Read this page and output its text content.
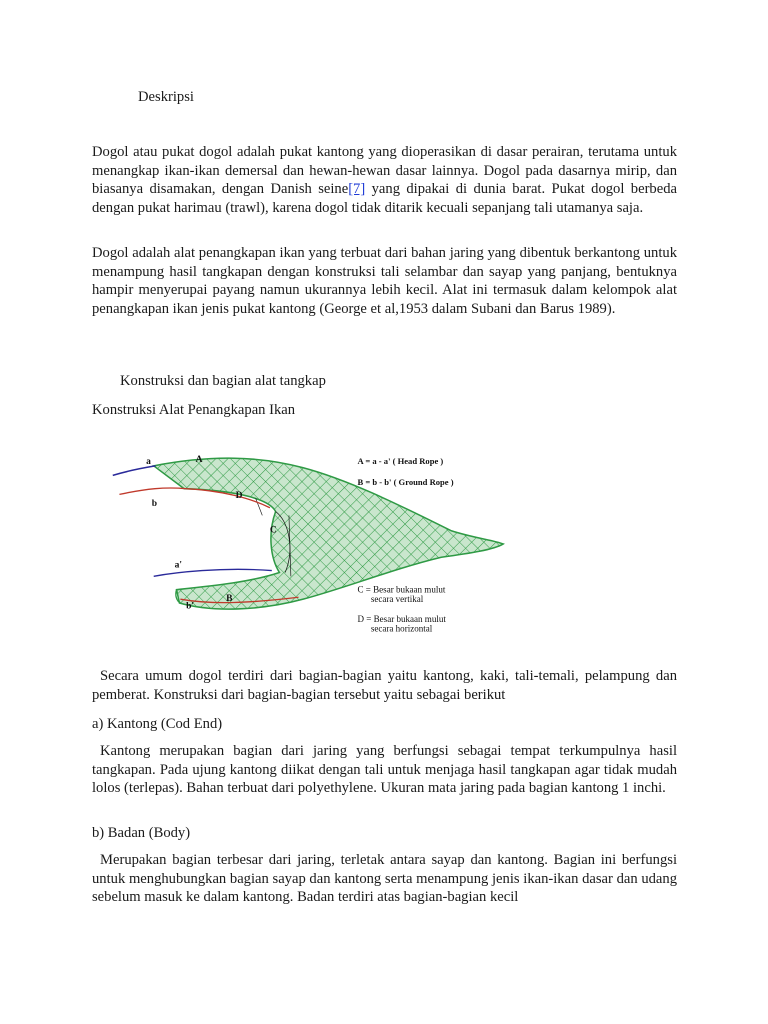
Deskripsi

Dogol atau pukat dogol adalah pukat kantong yang dioperasikan di dasar perairan, terutama untuk menangkap ikan-ikan demersal dan hewan-hewan dasar lainnya. Dogol pada dasarnya mirip, dan biasanya disamakan, dengan Danish seine[7] yang dipakai di dunia barat. Pukat dogol berbeda dengan pukat harimau (trawl), karena dogol tidak ditarik kecuali sepanjang tali utamanya saja.

Dogol adalah alat penangkapan ikan yang terbuat dari bahan jaring yang dibentuk berkantong untuk menampung hasil tangkapan dengan konstruksi tali selambar dan sayap yang panjang, bentuknya hampir menyerupai payang namun ukurannya lebih kecil. Alat ini termasuk dalam kelompok alat penangkapan ikan jenis pukat kantong (George et al,1953 dalam Subani dan Barus 1989).

Konstruksi dan bagian alat tangkap

Konstruksi Alat Penangkapan Ikan

a	A
b
D
C
a'
b'
B
A = a - a' ( Head Rope )
B = b - b' ( Ground Rope )
C = Besar bukaan mulut
secara vertikal
D = Besar bukaan mulut
secara horizontal

Secara umum dogol terdiri dari bagian-bagian yaitu kantong, kaki, tali-temali, pelampung dan pemberat. Konstruksi dari bagian-bagian tersebut yaitu sebagai berikut

a) Kantong (Cod End)

Kantong merupakan bagian dari jaring yang berfungsi sebagai tempat terkumpulnya hasil tangkapan. Pada ujung kantong diikat dengan tali untuk menjaga hasil tangkapan agar tidak mudah lolos (terlepas). Bahan terbuat dari polyethylene. Ukuran mata jaring pada bagian kantong 1 inchi.

b) Badan (Body)

Merupakan bagian terbesar dari jaring, terletak antara sayap dan kantong. Bagian ini berfungsi untuk menghubungkan bagian sayap dan kantong serta menampung jenis ikan-ikan dasar dan udang sebelum masuk ke dalam kantong. Badan terdiri atas bagian-bagian kecil
